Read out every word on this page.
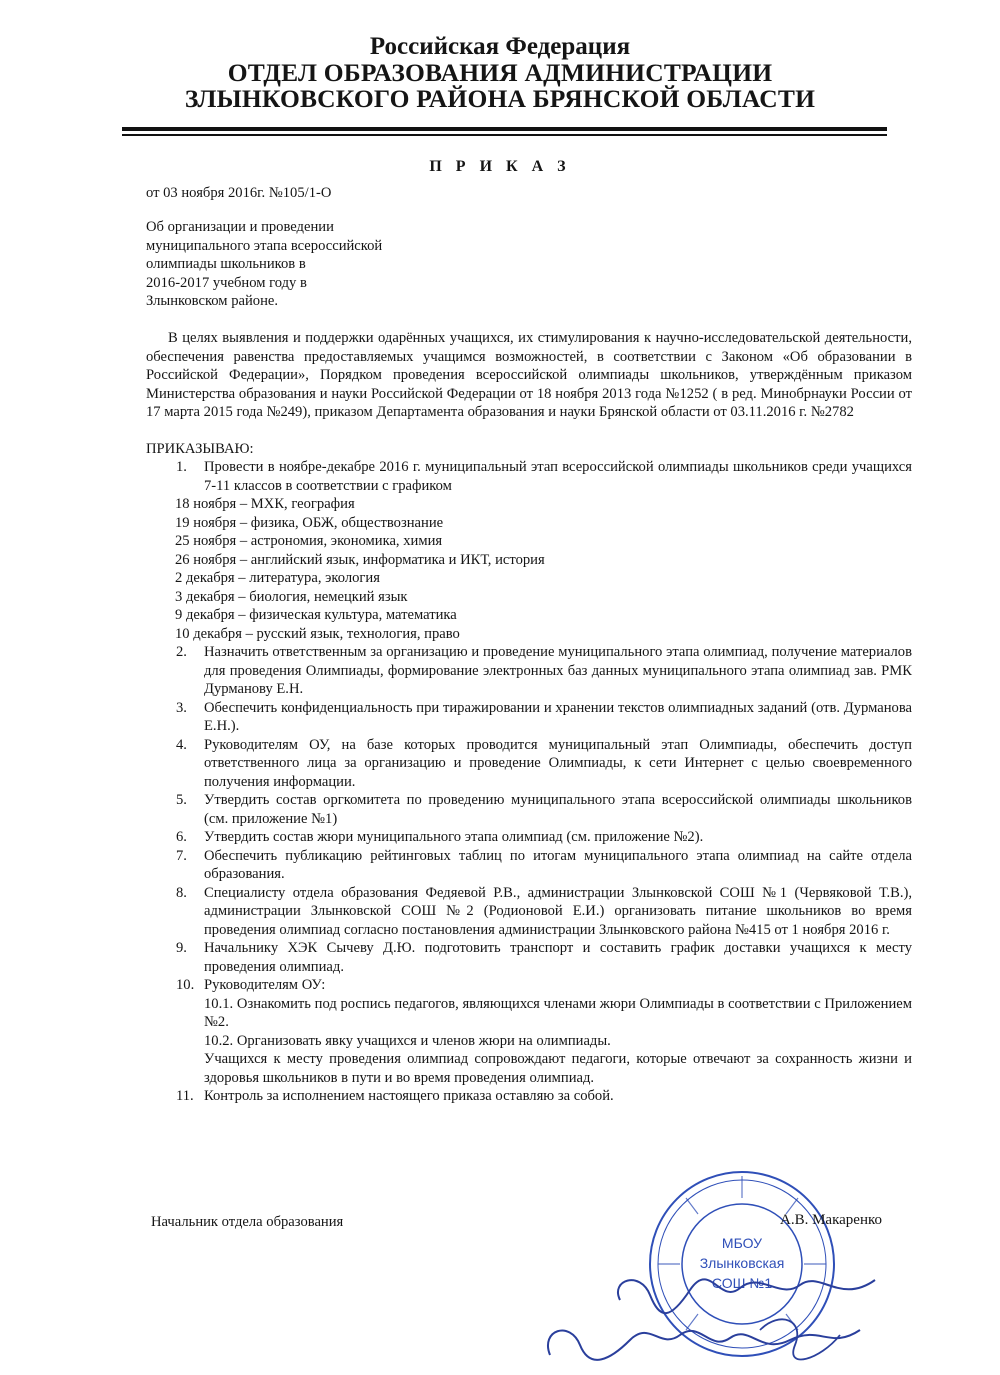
Российская Федерация
ОТДЕЛ ОБРАЗОВАНИЯ АДМИНИСТРАЦИИ
ЗЛЫНКОВСКОГО РАЙОНА БРЯНСКОЙ ОБЛАСТИ
П Р И К А З
от 03 ноября 2016г. №105/1-О
Об организации и проведении
муниципального этапа всероссийской
олимпиады школьников в
2016-2017 учебном году в
Злынковском районе.

В целях выявления и поддержки одарённых учащихся, их стимулирования к научно-исследовательской деятельности, обеспечения равенства предоставляемых учащимся возможностей, в соответствии с Законом «Об образовании в Российской Федерации», Порядком проведения всероссийской олимпиады школьников, утверждённым приказом Министерства образования и науки Российской Федерации от 18 ноября 2013 года №1252 ( в ред. Минобрнауки России от 17 марта 2015 года №249), приказом Департамента образования и науки Брянской области от 03.11.2016 г. №2782

ПРИКАЗЫВАЮ:
1. Провести в ноябре-декабре 2016 г. муниципальный этап всероссийской олимпиады школьников среди учащихся 7-11 классов в соответствии с графиком
18 ноября – МХК, география
19 ноября – физика, ОБЖ, обществознание
25 ноября – астрономия, экономика, химия
26 ноября – английский язык, информатика и ИКТ, история
2 декабря – литература, экология
3 декабря – биология, немецкий язык
9 декабря – физическая культура, математика
10 декабря – русский язык, технология, право
2. Назначить ответственным за организацию и проведение муниципального этапа олимпиад, получение материалов для проведения Олимпиады, формирование электронных баз данных муниципального этапа олимпиад зав. РМК Дурманову Е.Н.
3. Обеспечить конфиденциальность при тиражировании и хранении текстов олимпиадных заданий (отв. Дурманова Е.Н.).
4. Руководителям ОУ, на базе которых проводится муниципальный этап Олимпиады, обеспечить доступ ответственного лица за организацию и проведение Олимпиады, к сети Интернет с целью своевременного получения информации.
5. Утвердить состав оргкомитета по проведению муниципального этапа всероссийской олимпиады школьников (см. приложение №1)
6. Утвердить состав жюри муниципального этапа олимпиад (см. приложение №2).
7. Обеспечить публикацию рейтинговых таблиц по итогам муниципального этапа олимпиад на сайте отдела образования.
8. Специалисту отдела образования Федяевой Р.В., администрации Злынковской СОШ №1 (Червяковой Т.В.), администрации Злынковской СОШ №2 (Родионовой Е.И.) организовать питание школьников во время проведения олимпиад согласно постановления администрации Злынковского района №415 от 1 ноября 2016 г.
9. Начальнику ХЭК Сычеву Д.Ю. подготовить транспорт и составить график доставки учащихся к месту проведения олимпиад.
10. Руководителям ОУ:
10.1. Ознакомить под роспись педагогов, являющихся членами жюри Олимпиады в соответствии с Приложением №2.
10.2. Организовать явку учащихся и членов жюри на олимпиады.
Учащихся к месту проведения олимпиад сопровождают педагоги, которые отвечают за сохранность жизни и здоровья школьников в пути и во время проведения олимпиад.
11. Контроль за исполнением настоящего приказа оставляю за собой.
Начальник отдела образования
МБОУ
Злынковская
СОШ №1
А.В. Макаренко
